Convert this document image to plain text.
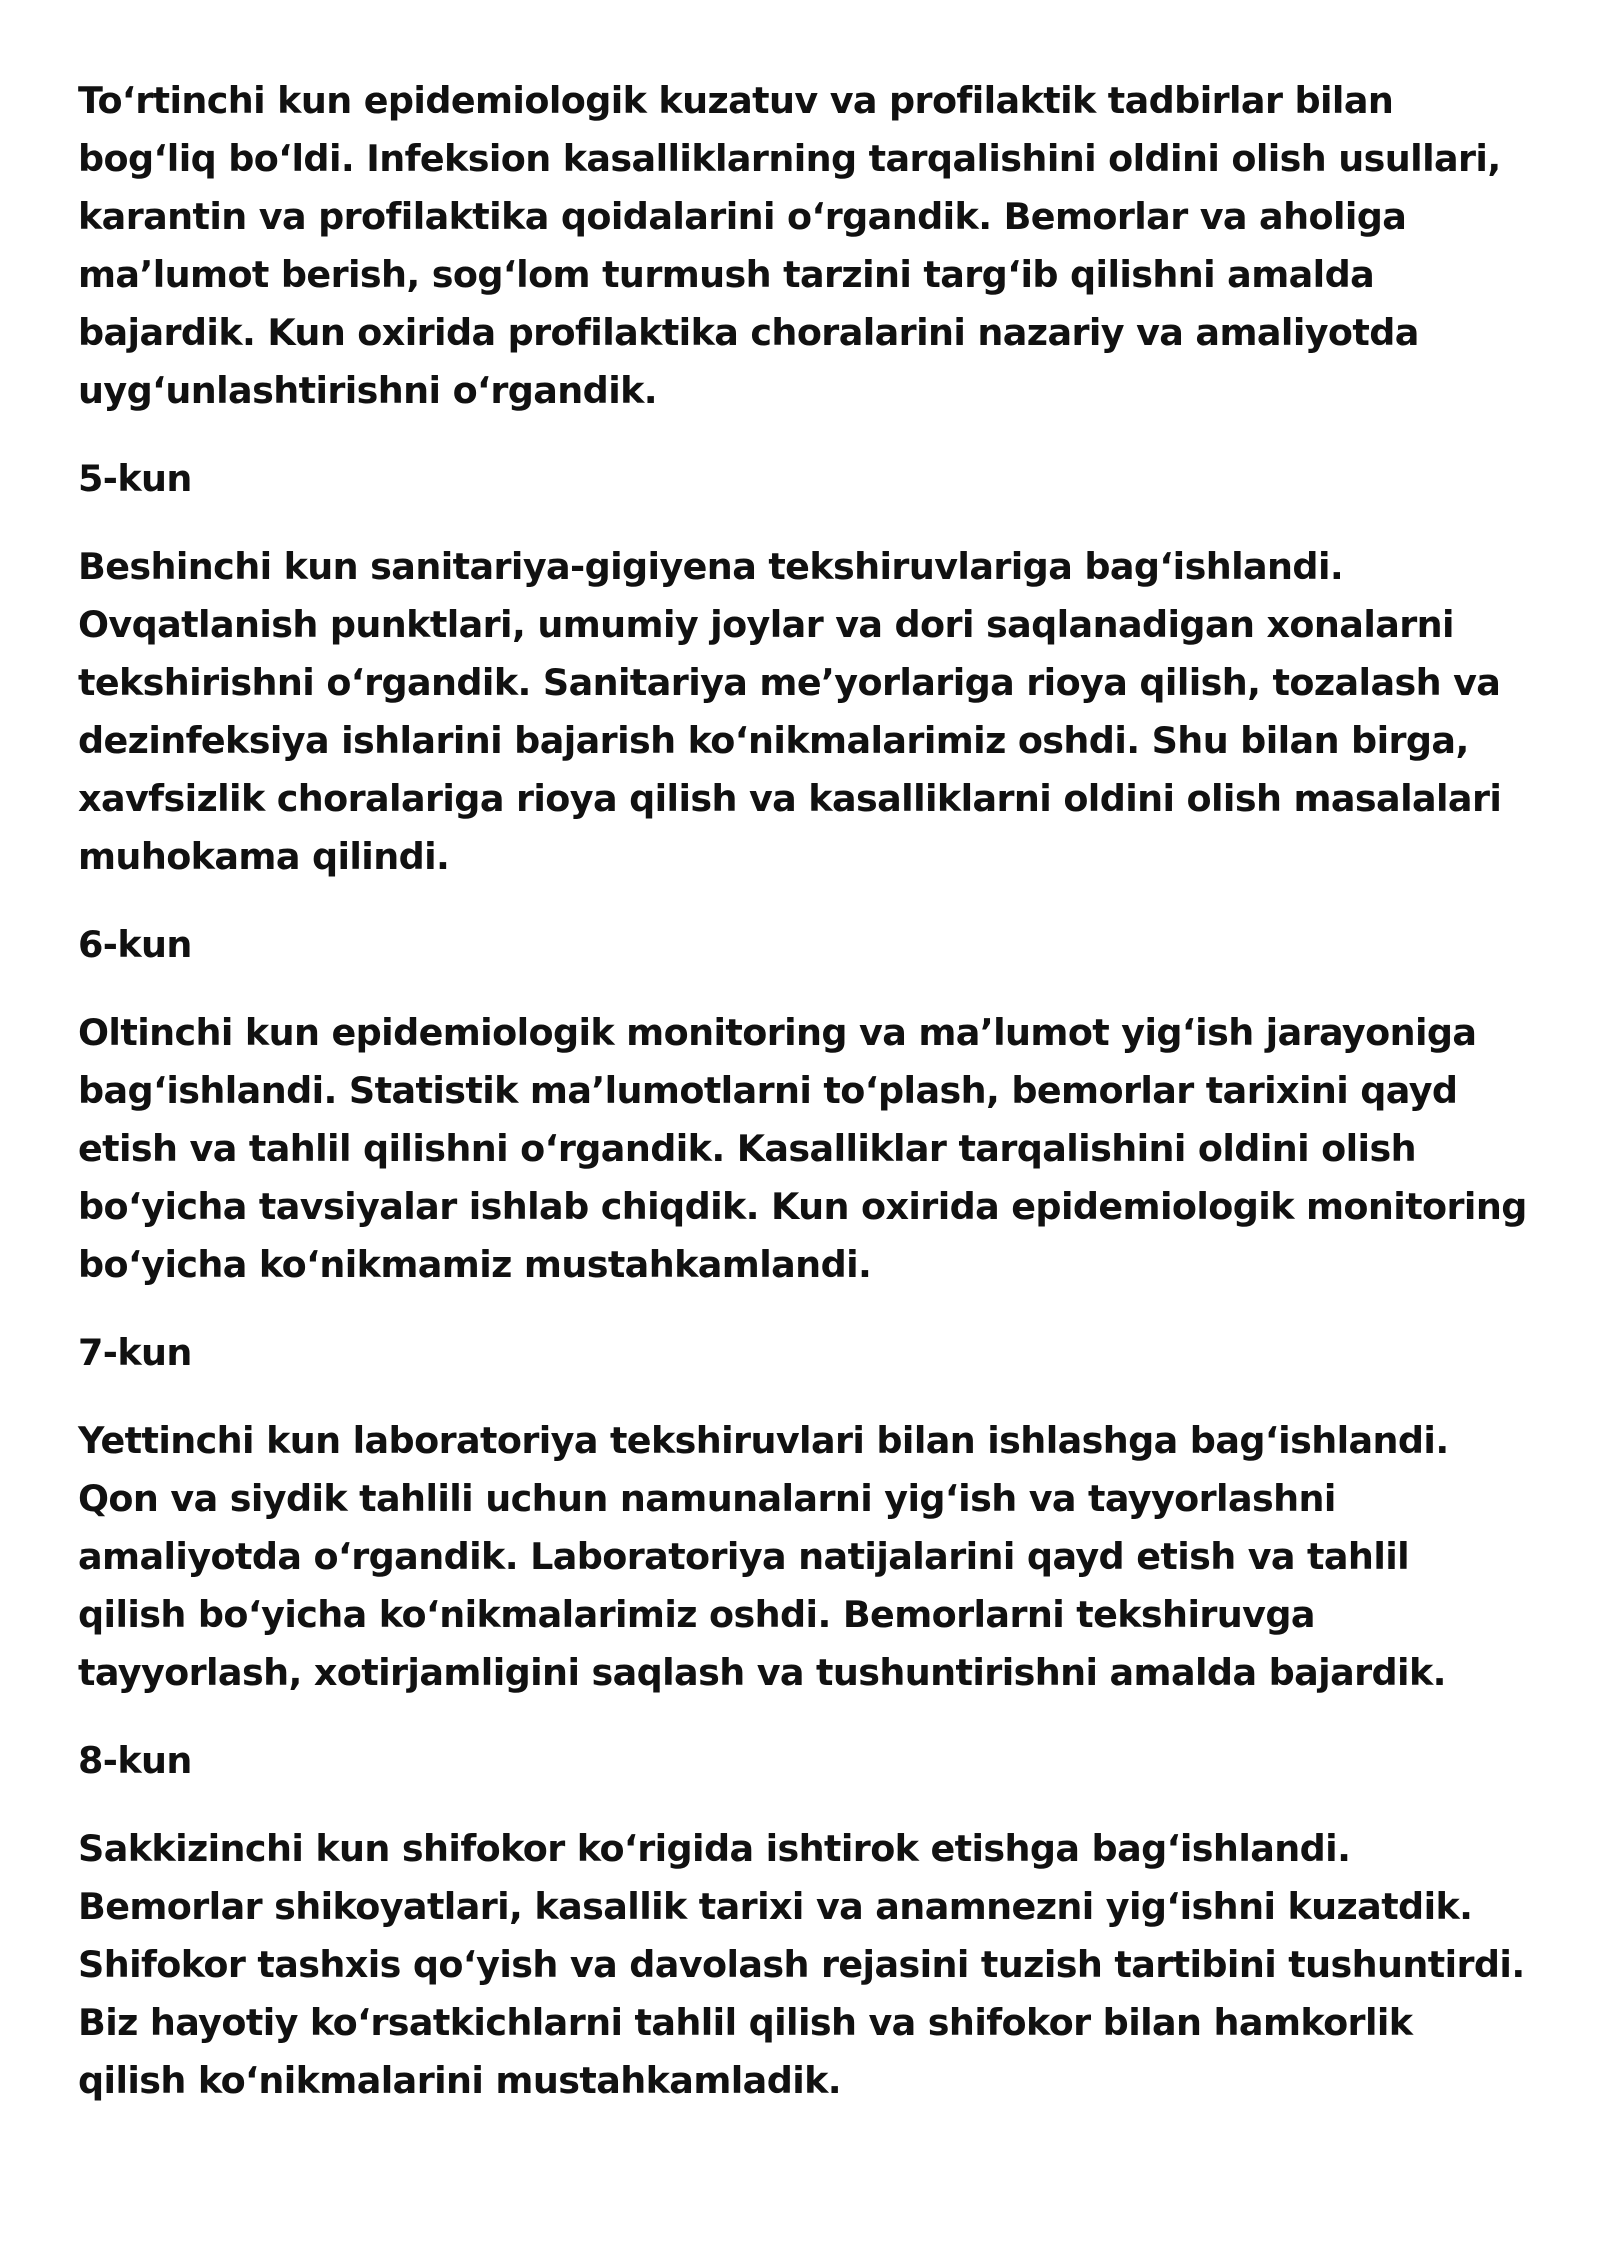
To‘rtinchi kun epidemiologik kuzatuv va profilaktik tadbirlar bilan
bog‘liq bo‘ldi. Infeksion kasalliklarning tarqalishini oldini olish usullari,
karantin va profilaktika qoidalarini o‘rgandik. Bemorlar va aholiga
ma’lumot berish, sog‘lom turmush tarzini targ‘ib qilishni amalda
bajardik. Kun oxirida profilaktika choralarini nazariy va amaliyotda
uyg‘unlashtirishni o‘rgandik.

5-kun

Beshinchi kun sanitariya-gigiyena tekshiruvlariga bag‘ishlandi.
Ovqatlanish punktlari, umumiy joylar va dori saqlanadigan xonalarni
tekshirishni o‘rgandik. Sanitariya me’yorlariga rioya qilish, tozalash va
dezinfeksiya ishlarini bajarish ko‘nikmalarimiz oshdi. Shu bilan birga,
xavfsizlik choralariga rioya qilish va kasalliklarni oldini olish masalalari
muhokama qilindi.

6-kun

Oltinchi kun epidemiologik monitoring va ma’lumot yig‘ish jarayoniga
bag‘ishlandi. Statistik ma’lumotlarni to‘plash, bemorlar tarixini qayd
etish va tahlil qilishni o‘rgandik. Kasalliklar tarqalishini oldini olish
bo‘yicha tavsiyalar ishlab chiqdik. Kun oxirida epidemiologik monitoring
bo‘yicha ko‘nikmamiz mustahkamlandi.

7-kun

Yettinchi kun laboratoriya tekshiruvlari bilan ishlashga bag‘ishlandi.
Qon va siydik tahlili uchun namunalarni yig‘ish va tayyorlashni
amaliyotda o‘rgandik. Laboratoriya natijalarini qayd etish va tahlil
qilish bo‘yicha ko‘nikmalarimiz oshdi. Bemorlarni tekshiruvga
tayyorlash, xotirjamligini saqlash va tushuntirishni amalda bajardik.

8-kun

Sakkizinchi kun shifokor ko‘rigida ishtirok etishga bag‘ishlandi.
Bemorlar shikoyatlari, kasallik tarixi va anamnezni yig‘ishni kuzatdik.
Shifokor tashxis qo‘yish va davolash rejasini tuzish tartibini tushuntirdi.
Biz hayotiy ko‘rsatkichlarni tahlil qilish va shifokor bilan hamkorlik
qilish ko‘nikmalarini mustahkamladik.
